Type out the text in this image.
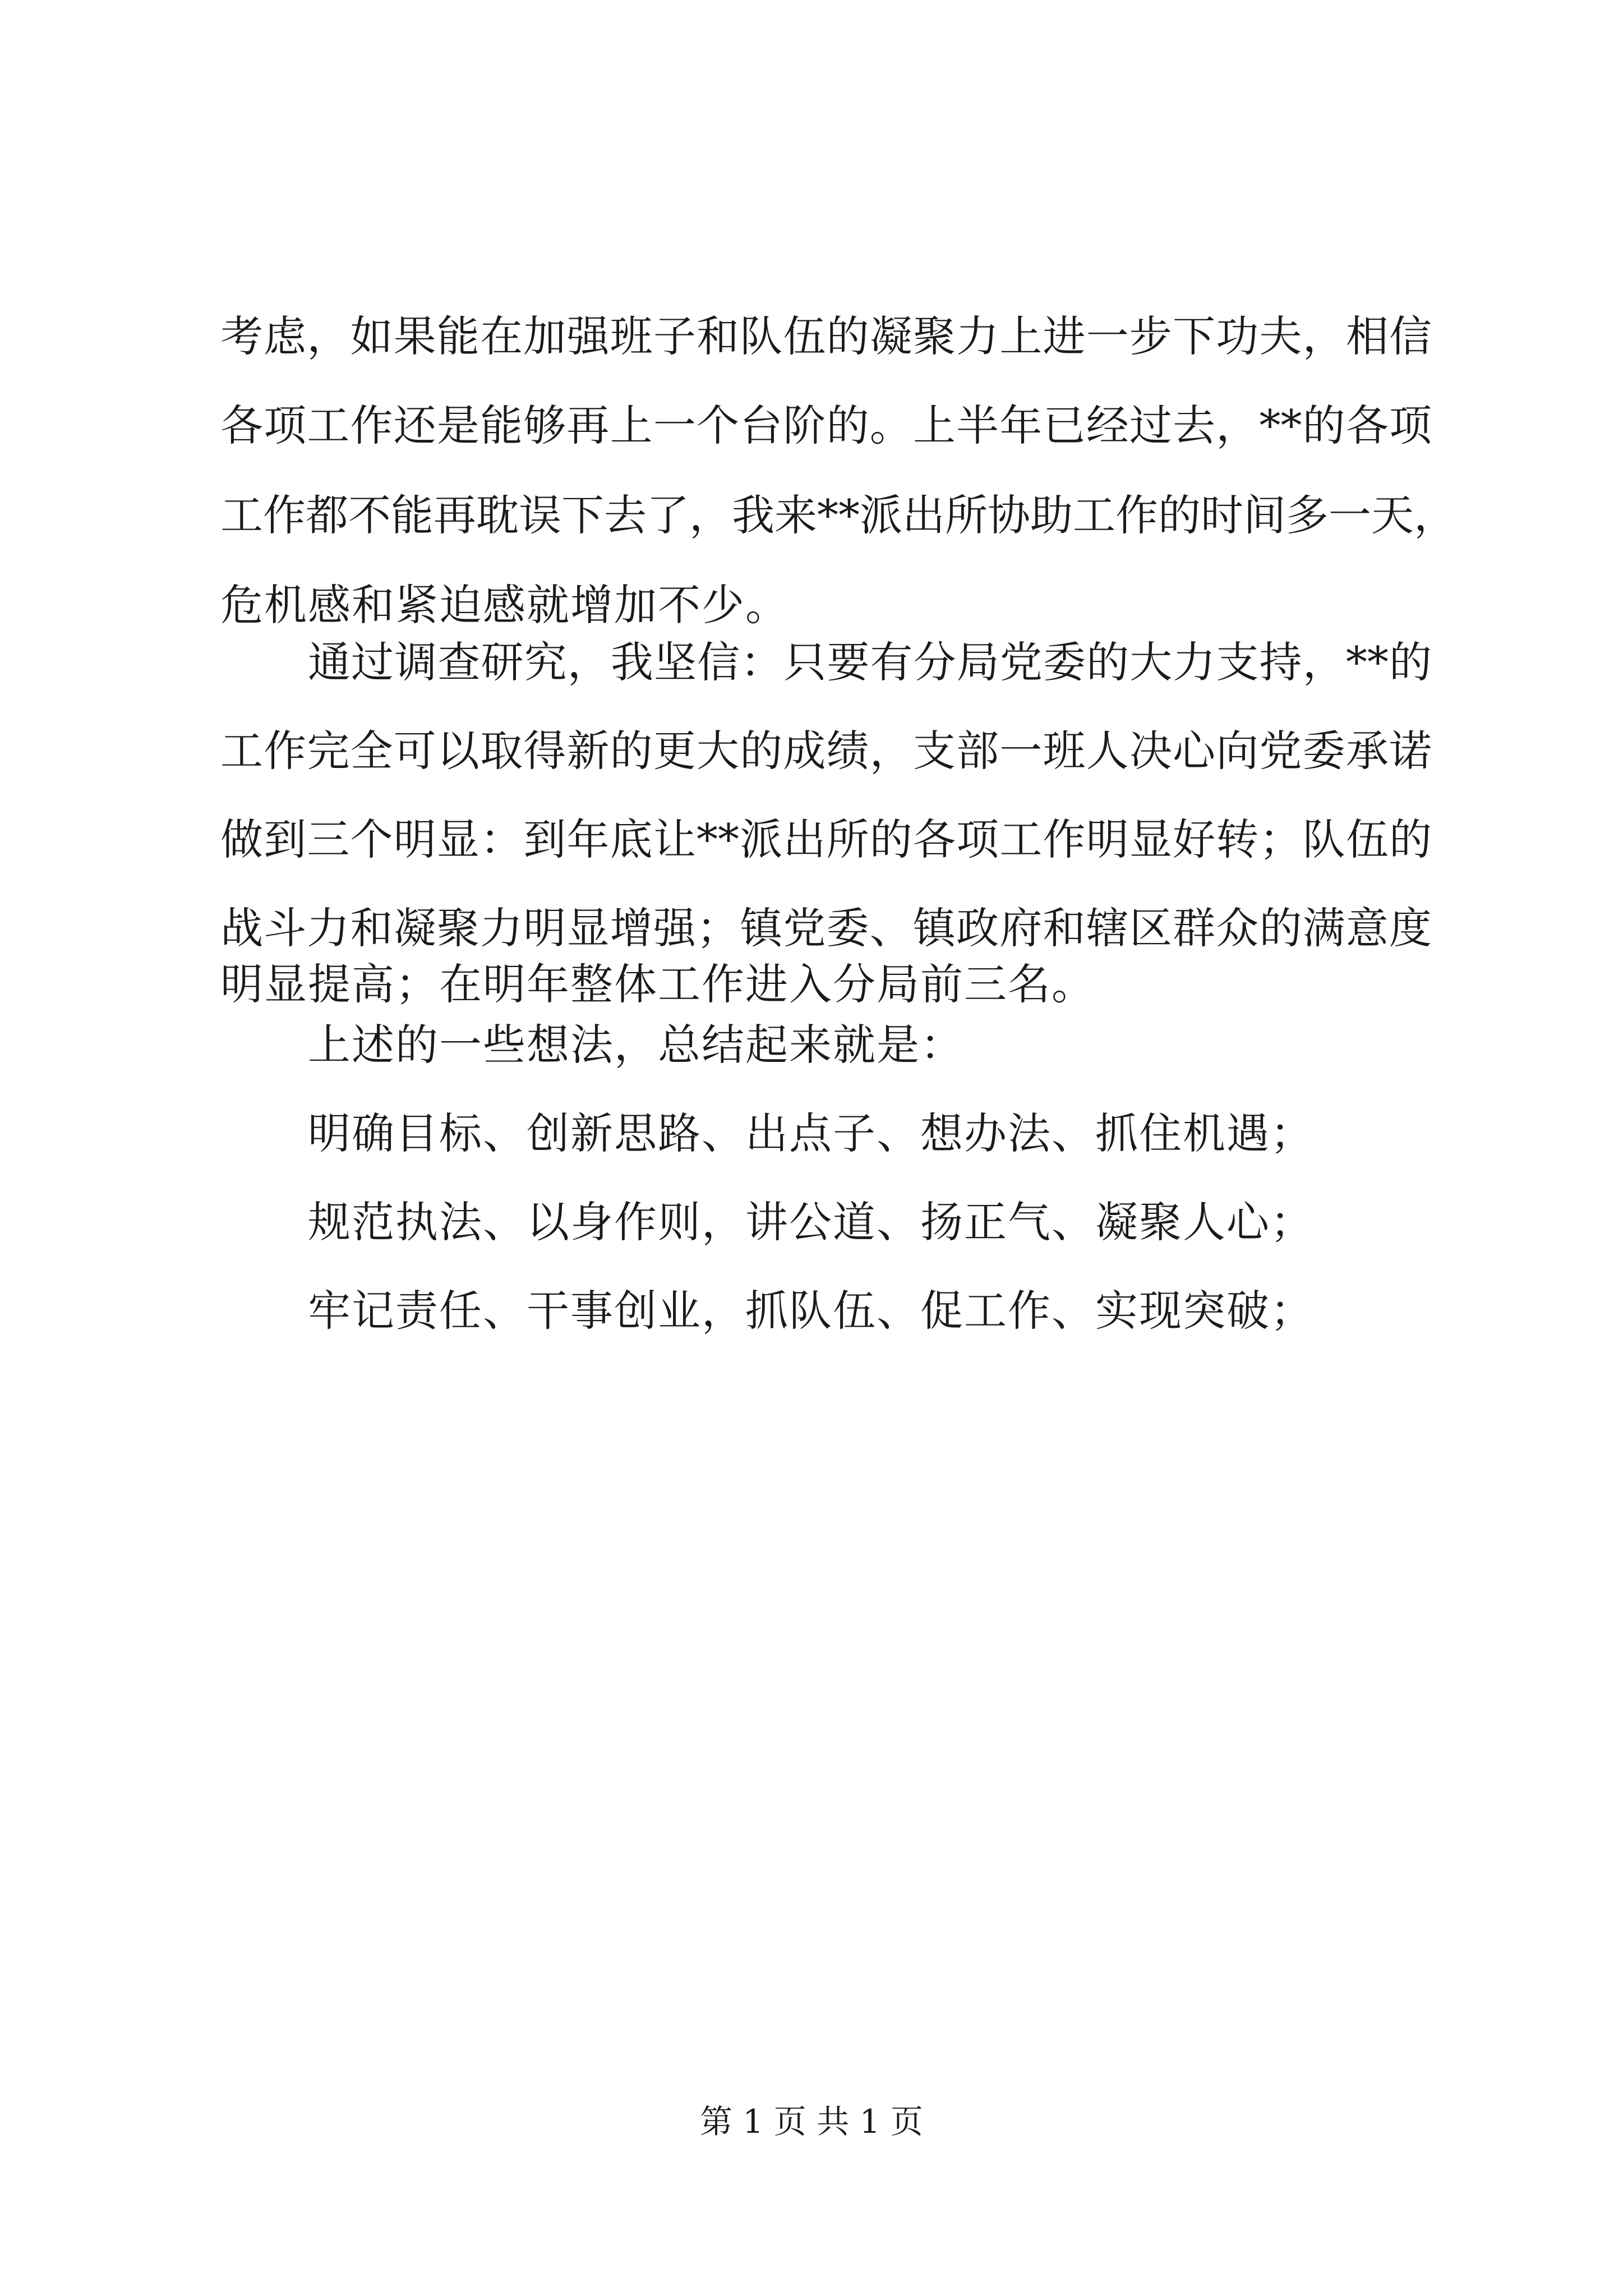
考虑，如果能在加强班子和队伍的凝聚力上进一步下功夫，相信
各项工作还是能够再上一个台阶的。上半年已经过去，**的各项
工作都不能再耽误下去了，我来**派出所协助工作的时间多一天，
危机感和紧迫感就增加不少。
通过调查研究，我坚信：只要有分局党委的大力支持，**的
工作完全可以取得新的更大的成绩，支部一班人决心向党委承诺
做到三个明显：到年底让**派出所的各项工作明显好转；队伍的
战斗力和凝聚力明显增强；镇党委、镇政府和辖区群众的满意度
明显提高；在明年整体工作进入分局前三名。
上述的一些想法，总结起来就是：
明确目标、创新思路、出点子、想办法、抓住机遇；
规范执法、以身作则，讲公道、扬正气、凝聚人心；
牢记责任、干事创业，抓队伍、促工作、实现突破；
第 1 页 共 1 页
